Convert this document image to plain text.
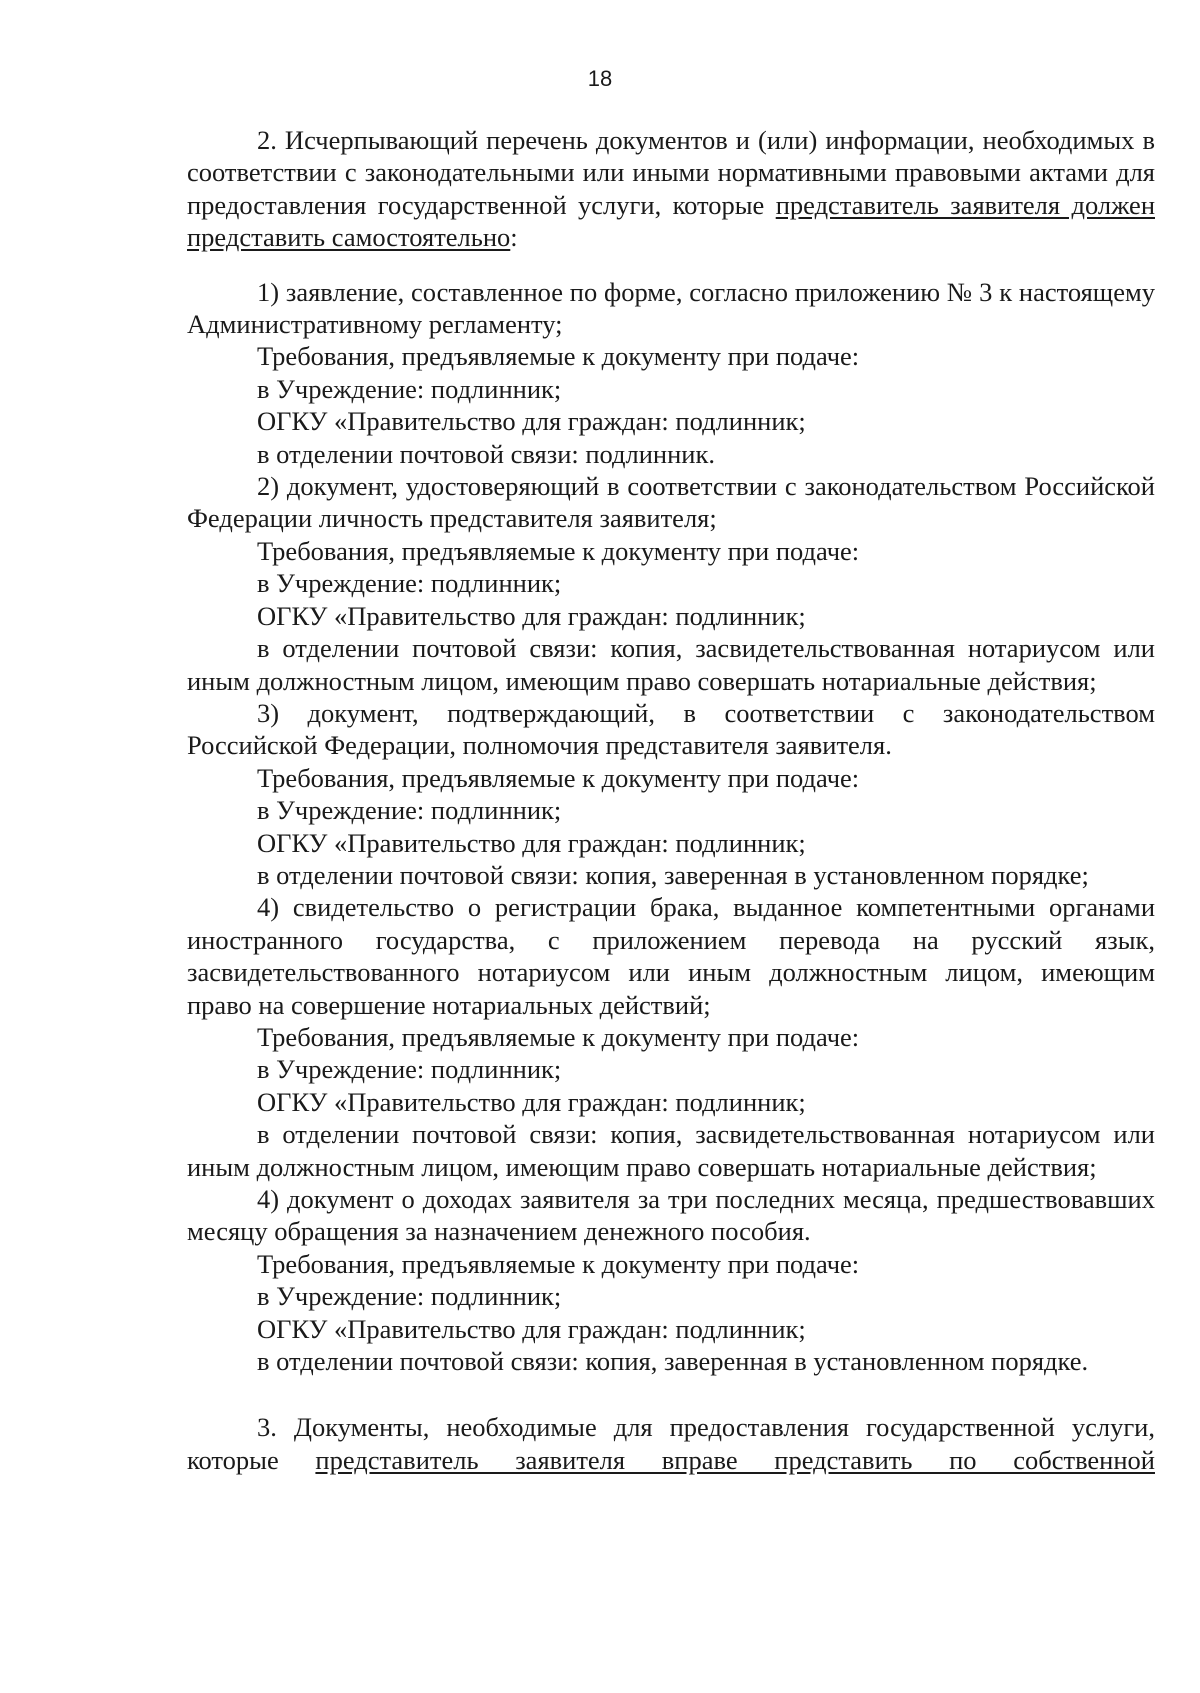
18

2. Исчерпывающий перечень документов и (или) информации, необходимых в соответствии с законодательными или иными нормативными правовыми актами для предоставления государственной услуги, которые представитель заявителя должен представить самостоятельно:

1) заявление, составленное по форме, согласно приложению № 3 к настоящему Административному регламенту;

Требования, предъявляемые к документу при подаче:

в Учреждение: подлинник;

ОГКУ «Правительство для граждан: подлинник;

в отделении почтовой связи: подлинник.

2) документ, удостоверяющий в соответствии с законодательством Российской Федерации личность представителя заявителя;

Требования, предъявляемые к документу при подаче:

в Учреждение: подлинник;

ОГКУ «Правительство для граждан: подлинник;

в отделении почтовой связи: копия, засвидетельствованная нотариусом или иным должностным лицом, имеющим право совершать нотариальные действия;

3) документ, подтверждающий, в соответствии с законодательством Российской Федерации, полномочия представителя заявителя.

Требования, предъявляемые к документу при подаче:

в Учреждение: подлинник;

ОГКУ «Правительство для граждан: подлинник;

в отделении почтовой связи: копия, заверенная в установленном порядке;

4) свидетельство о регистрации брака, выданное компетентными органами иностранного государства, с приложением перевода на русский язык, засвидетельствованного нотариусом или иным должностным лицом, имеющим право на совершение нотариальных действий;

Требования, предъявляемые к документу при подаче:

в Учреждение: подлинник;

ОГКУ «Правительство для граждан: подлинник;

в отделении почтовой связи: копия, засвидетельствованная нотариусом или иным должностным лицом, имеющим право совершать нотариальные действия;

4) документ о доходах заявителя за три последних месяца, предшествовавших месяцу обращения за назначением денежного пособия.

Требования, предъявляемые к документу при подаче:

в Учреждение: подлинник;

ОГКУ «Правительство для граждан: подлинник;

в отделении почтовой связи: копия, заверенная в установленном порядке.

3. Документы, необходимые для предоставления государственной услуги, которые представитель заявителя вправе представить по собственной
